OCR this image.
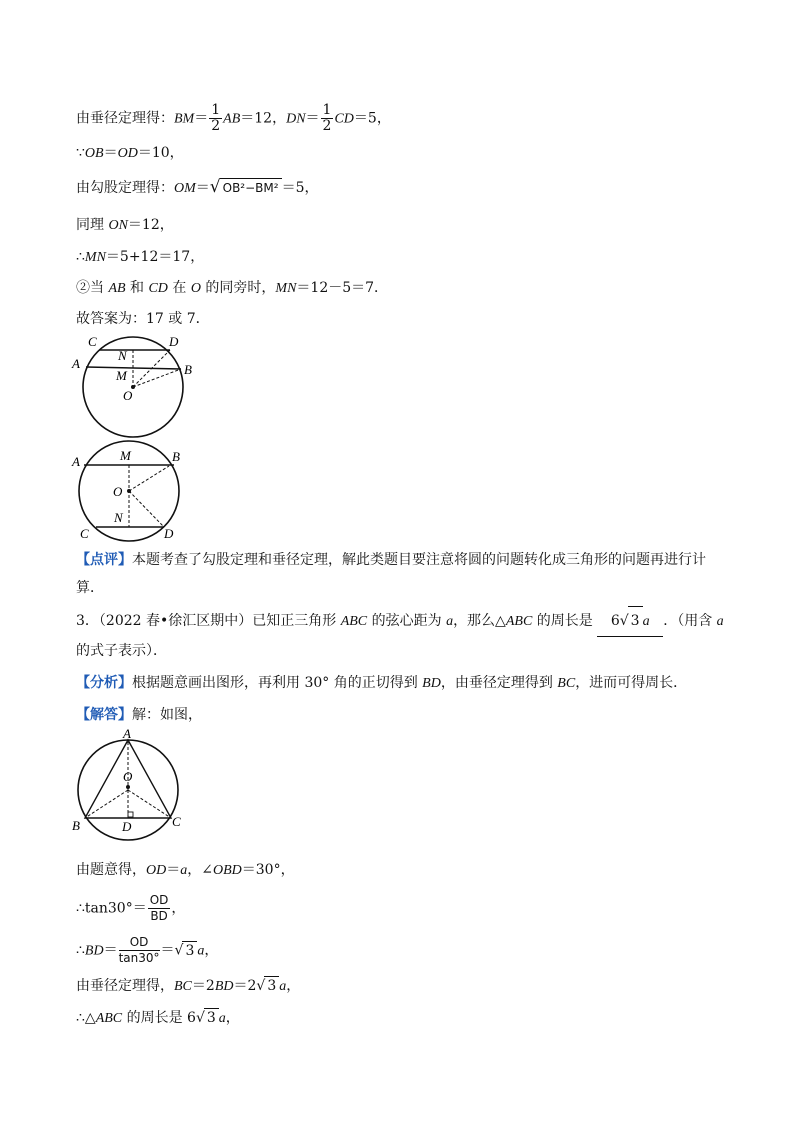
由垂径定理得：$BM= \frac{1}{2} AB=12$，$DN= \frac{1}{2} CD=5$，
∵OB＝OD＝10，
由勾股定理得：OM＝√ OB²−BM² ＝5，
同理 ON＝12，
∴MN＝5+12＝17，
②当 AB 和 CD 在 O 的同旁时，MN＝12－5＝7．
故答案为：17 或 7．
C	D
N
A
M	B
O
A	M	B
O
C
N
D
【点评】本题考查了勾股定理和垂径定理，解此类题目要注意将圆的问题转化成三角形的问题再进行计算．
3．（2022 春•徐汇区期中）已知正三角形 ABC 的弦心距为 a，那么△ABC 的周长是 6√ 3 a ．（用含 a 的式子表示）．
【分析】根据题意画出图形，再利用 30° 角的正切得到 BD，由垂径定理得到 BC，进而可得周长．
【解答】解：如图，
A
O
B	D	C
由题意得，OD＝a，∠OBD＝30°，
∴tan30°＝ $\frac{OD}{BD}$ ，
∴BD＝ $\frac{OD}{\tan 30^\circ}$ ＝√ 3 a，
由垂径定理得，BC＝2BD＝2√ 3 a，
∴△ABC 的周长是 6√ 3 a，
